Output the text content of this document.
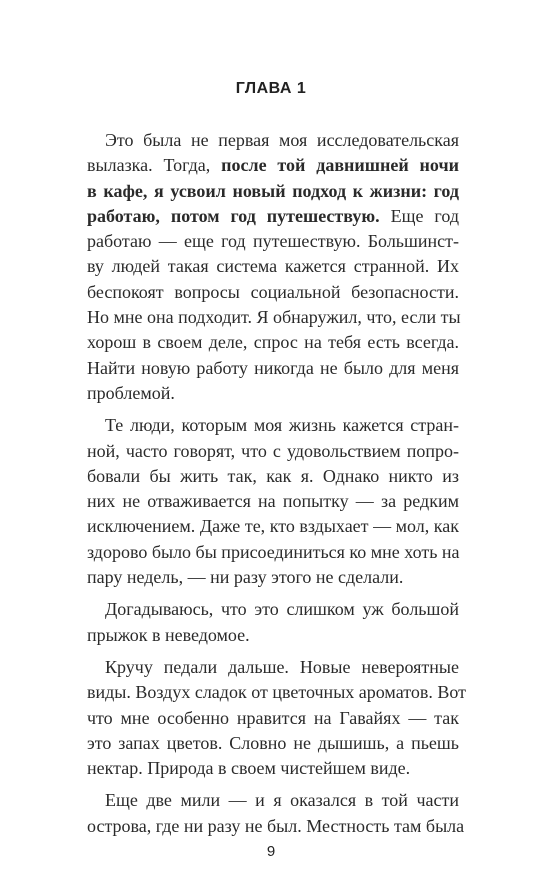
ГЛАВА 1
Это была не первая моя исследовательская
вылазка. Тогда, после той давнишней ночи
в кафе, я усвоил новый подход к жизни: год
работаю, потом год путешествую. Еще год
работаю — еще год путешествую. Большинст-
ву людей такая система кажется странной. Их
беспокоят вопросы социальной безопасности.
Но мне она подходит. Я обнаружил, что, если ты
хорош в своем деле, спрос на тебя есть всегда.
Найти новую работу никогда не было для меня
проблемой.
Те люди, которым моя жизнь кажется стран-
ной, часто говорят, что с удовольствием попро-
бовали бы жить так, как я. Однако никто из
них не отваживается на попытку — за редким
исключением. Даже те, кто вздыхает — мол, как
здорово было бы присоединиться ко мне хоть на
пару недель, — ни разу этого не сделали.
Догадываюсь, что это слишком уж большой
прыжок в неведомое.
Кручу педали дальше. Новые невероятные
виды. Воздух сладок от цветочных ароматов. Вот
что мне особенно нравится на Гавайях — так
это запах цветов. Словно не дышишь, а пьешь
нектар. Природа в своем чистейшем виде.
Еще две мили — и я оказался в той части
острова, где ни разу не был. Местность там была
9
